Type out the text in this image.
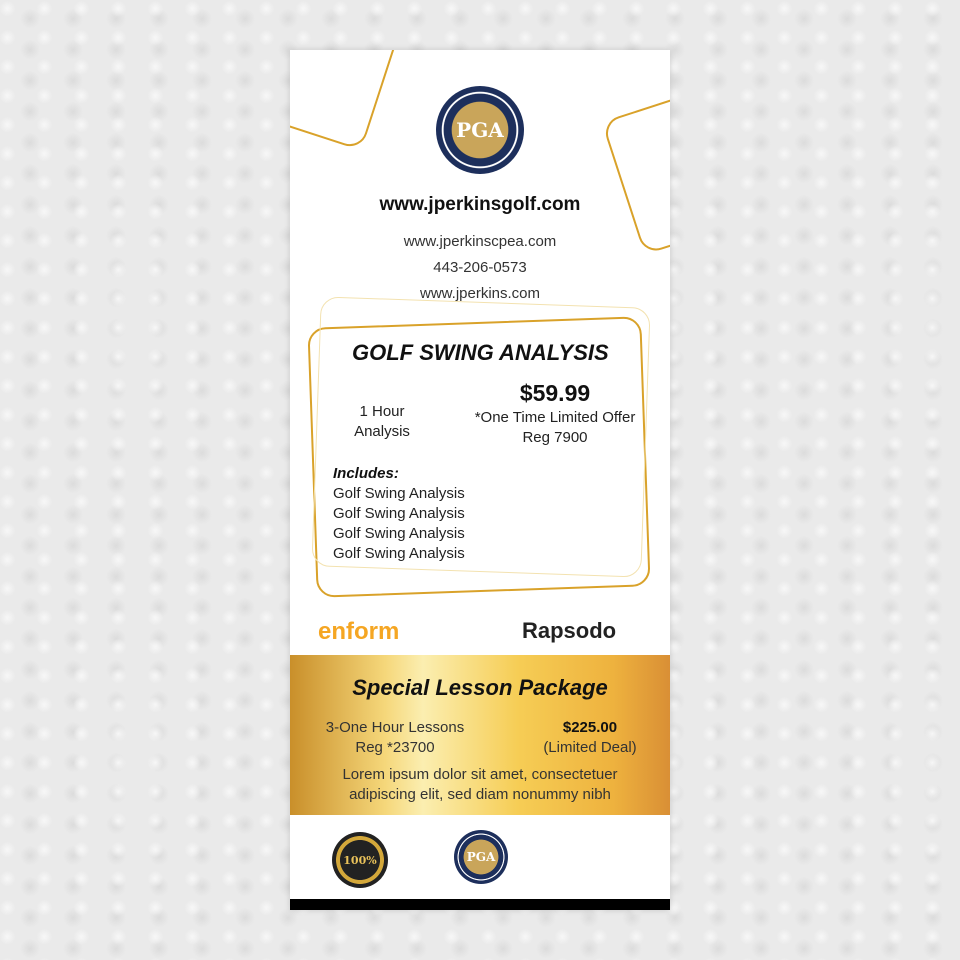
PGA
www.jperkinsgolf.com
www.jperkinscpea.com
443-206-0573
www.jperkins.com
GOLF SWING ANALYSIS
1 Hour
Analysis
$59.99
*One Time Limited Offer
Reg 7900
Includes:
Golf Swing Analysis
Golf Swing Analysis
Golf Swing Analysis
Golf Swing Analysis
enform	Rapsodo
Special Lesson Package
3-One Hour Lessons
Reg *23700
$225.00
(Limited Deal)
Lorem ipsum dolor sit amet, consectetuer
adipiscing elit, sed diam nonummy nibh
100%	PGA
